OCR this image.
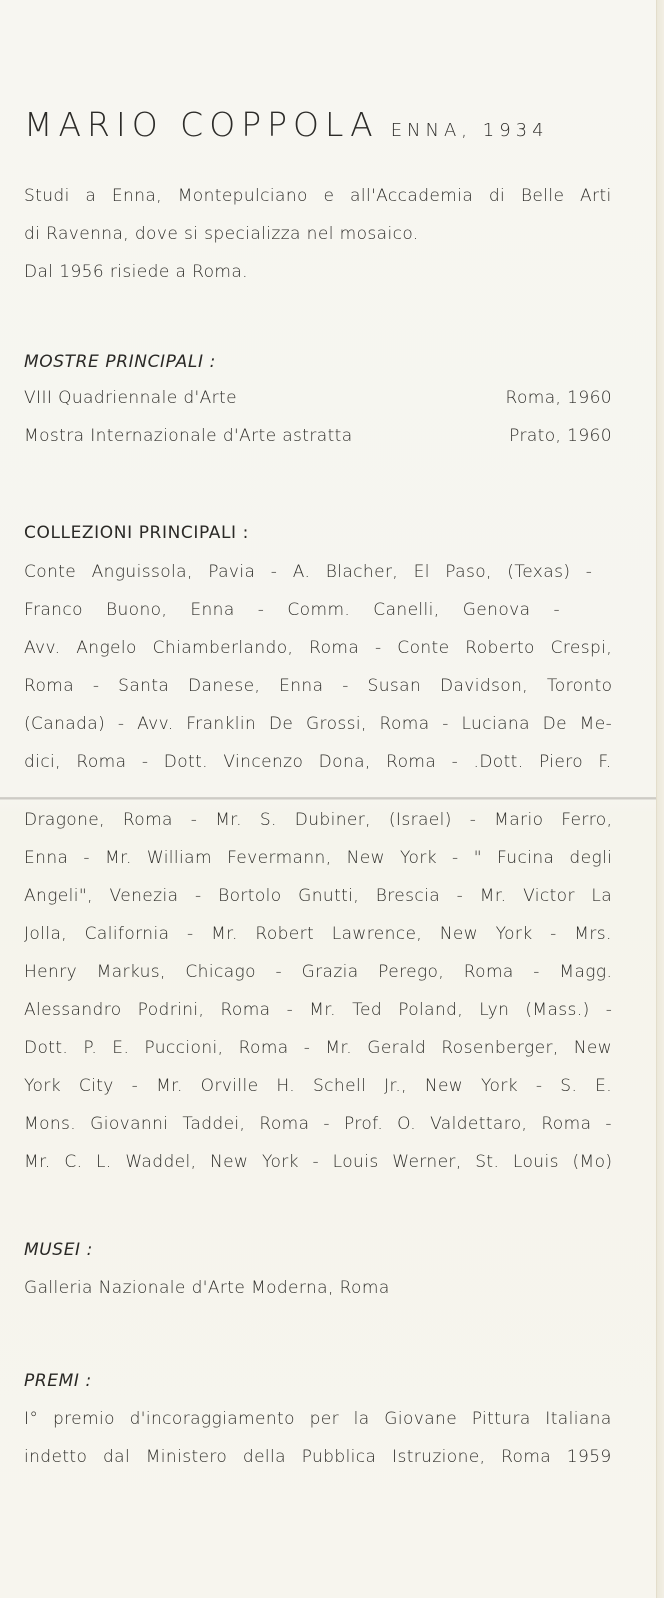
MARIO COPPOLA ENNA, 1934
Studi a Enna, Montepulciano e all'Accademia di Belle Arti
di Ravenna, dove si specializza nel mosaico.
Dal 1956 risiede a Roma.
MOSTRE PRINCIPALI :
VIII Quadriennale d'Arte	Roma, 1960
Mostra Internazionale d'Arte astratta	Prato, 1960
COLLEZIONI PRINCIPALI :
Conte Anguissola, Pavia - A. Blacher, El Paso, (Texas) -
Franco Buono, Enna - Comm. Canelli, Genova -
Avv. Angelo Chiamberlando, Roma - Conte Roberto Crespi,
Roma - Santa Danese, Enna - Susan Davidson, Toronto
(Canada) - Avv. Franklin De Grossi, Roma - Luciana De Me-
dici, Roma - Dott. Vincenzo Dona, Roma - .Dott. Piero F.
Dragone, Roma - Mr. S. Dubiner, (Israel) - Mario Ferro,
Enna - Mr. William Fevermann, New York - " Fucina degli
Angeli", Venezia - Bortolo Gnutti, Brescia - Mr. Victor La
Jolla, California - Mr. Robert Lawrence, New York - Mrs.
Henry Markus, Chicago - Grazia Perego, Roma - Magg.
Alessandro Podrini, Roma - Mr. Ted Poland, Lyn (Mass.) -
Dott. P. E. Puccioni, Roma - Mr. Gerald Rosenberger, New
York City - Mr. Orville H. Schell Jr., New York - S. E.
Mons. Giovanni Taddei, Roma - Prof. O. Valdettaro, Roma -
Mr. C. L. Waddel, New York - Louis Werner, St. Louis (Mo)
MUSEI :
Galleria Nazionale d'Arte Moderna, Roma
PREMI :
I° premio d'incoraggiamento per la Giovane Pittura Italiana
indetto dal Ministero della Pubblica Istruzione, Roma 1959
